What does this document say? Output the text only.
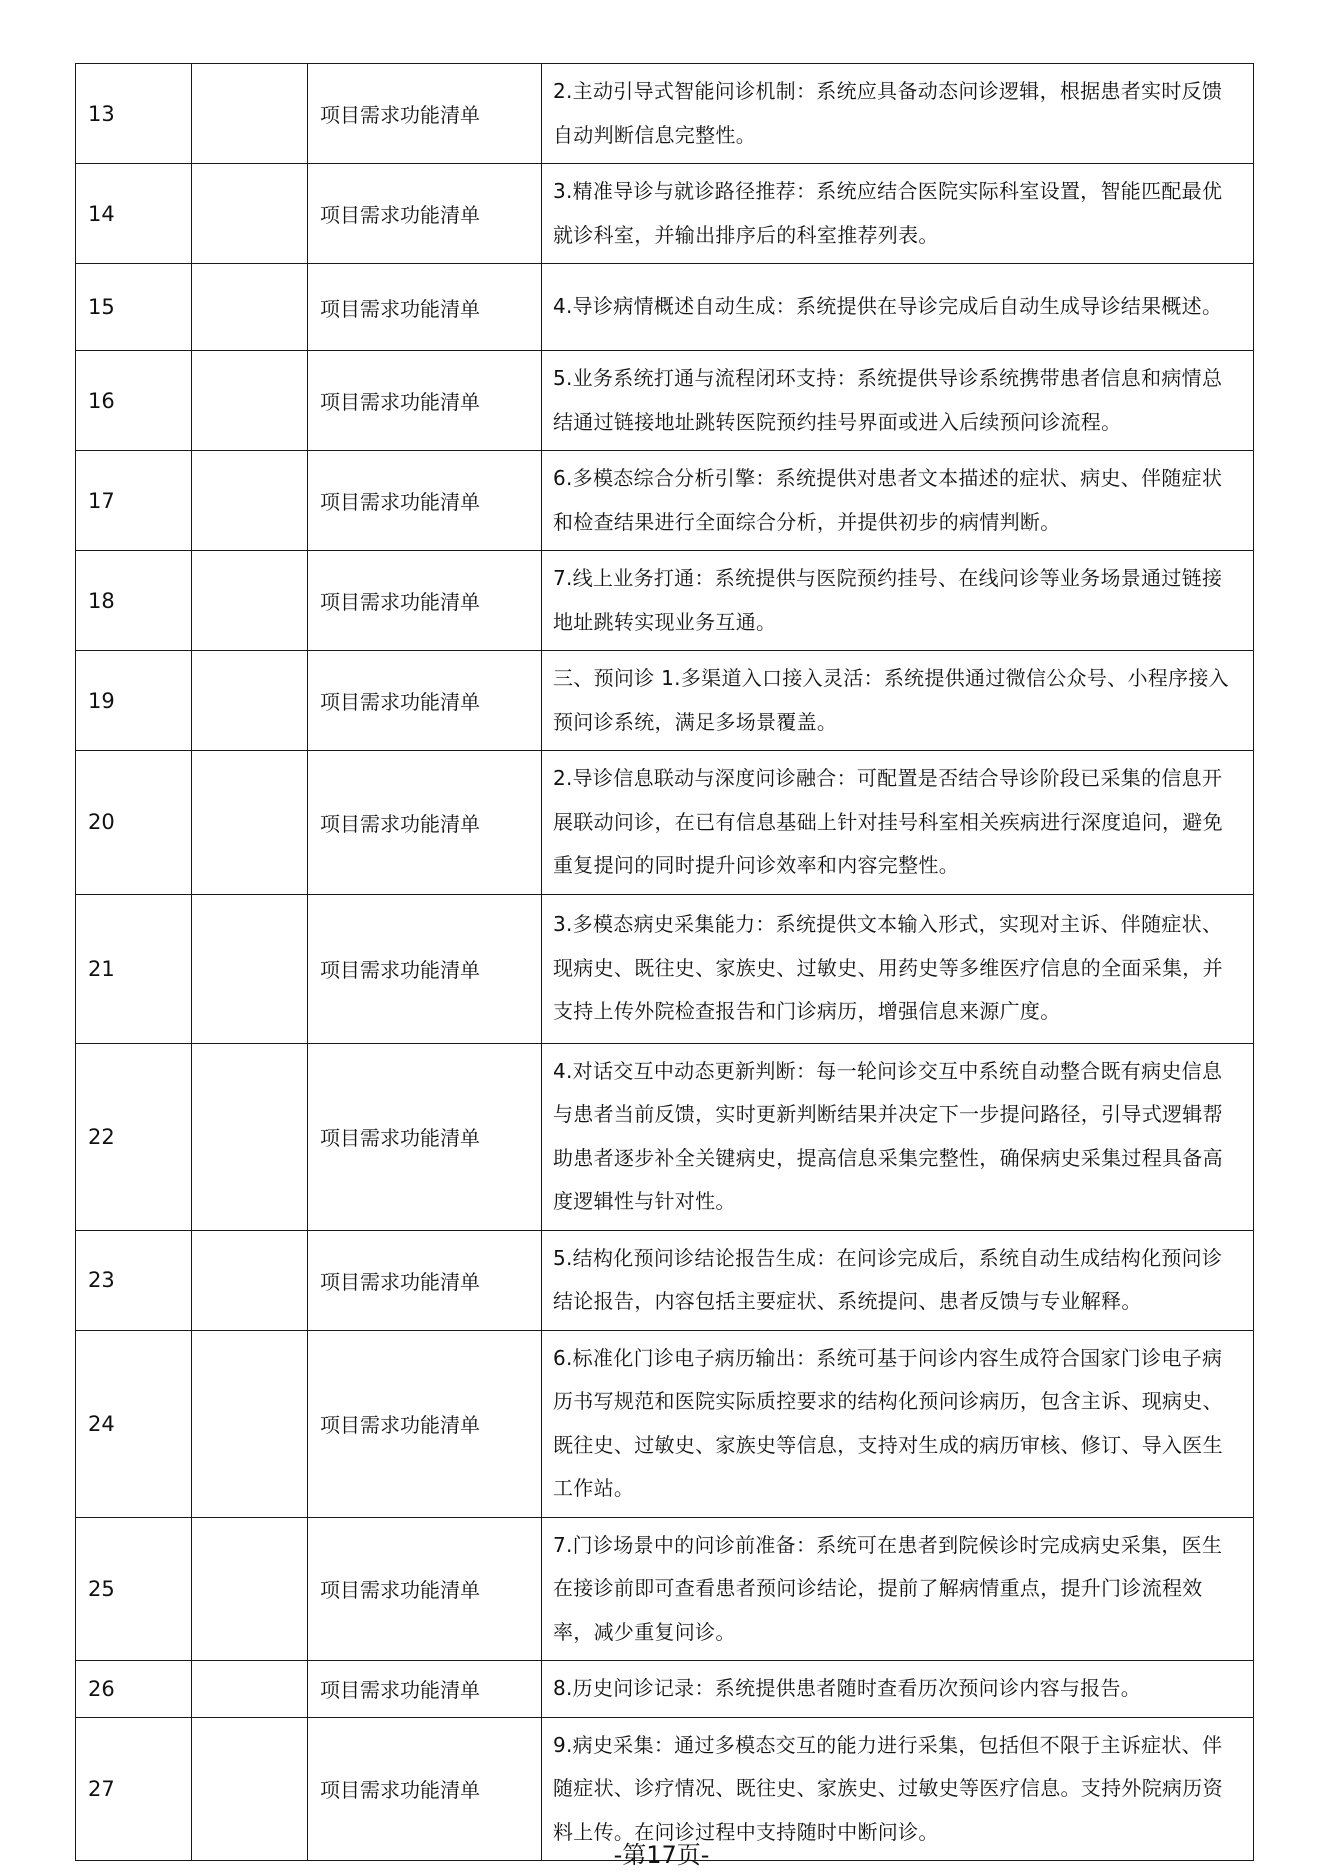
13		项目需求功能清单	2.主动引导式智能问诊机制：系统应具备动态问诊逻辑，根据患者实时反馈自动判断信息完整性。
14		项目需求功能清单	3.精准导诊与就诊路径推荐：系统应结合医院实际科室设置，智能匹配最优就诊科室，并输出排序后的科室推荐列表。
15		项目需求功能清单	4.导诊病情概述自动生成：系统提供在导诊完成后自动生成导诊结果概述。
16		项目需求功能清单	5.业务系统打通与流程闭环支持：系统提供导诊系统携带患者信息和病情总结通过链接地址跳转医院预约挂号界面或进入后续预问诊流程。
17		项目需求功能清单	6.多模态综合分析引擎：系统提供对患者文本描述的症状、病史、伴随症状和检查结果进行全面综合分析，并提供初步的病情判断。
18		项目需求功能清单	7.线上业务打通：系统提供与医院预约挂号、在线问诊等业务场景通过链接地址跳转实现业务互通。
19		项目需求功能清单	三、预问诊 1.多渠道入口接入灵活：系统提供通过微信公众号、小程序接入预问诊系统，满足多场景覆盖。
20		项目需求功能清单	2.导诊信息联动与深度问诊融合：可配置是否结合导诊阶段已采集的信息开展联动问诊，在已有信息基础上针对挂号科室相关疾病进行深度追问，避免重复提问的同时提升问诊效率和内容完整性。
21		项目需求功能清单	3.多模态病史采集能力：系统提供文本输入形式，实现对主诉、伴随症状、现病史、既往史、家族史、过敏史、用药史等多维医疗信息的全面采集，并支持上传外院检查报告和门诊病历，增强信息来源广度。
22		项目需求功能清单	4.对话交互中动态更新判断：每一轮问诊交互中系统自动整合既有病史信息与患者当前反馈，实时更新判断结果并决定下一步提问路径，引导式逻辑帮助患者逐步补全关键病史，提高信息采集完整性，确保病史采集过程具备高度逻辑性与针对性。
23		项目需求功能清单	5.结构化预问诊结论报告生成：在问诊完成后，系统自动生成结构化预问诊结论报告，内容包括主要症状、系统提问、患者反馈与专业解释。
24		项目需求功能清单	6.标准化门诊电子病历输出：系统可基于问诊内容生成符合国家门诊电子病历书写规范和医院实际质控要求的结构化预问诊病历，包含主诉、现病史、既往史、过敏史、家族史等信息，支持对生成的病历审核、修订、导入医生工作站。
25		项目需求功能清单	7.门诊场景中的问诊前准备：系统可在患者到院候诊时完成病史采集，医生在接诊前即可查看患者预问诊结论，提前了解病情重点，提升门诊流程效率，减少重复问诊。
26		项目需求功能清单	8.历史问诊记录：系统提供患者随时查看历次预问诊内容与报告。
27		项目需求功能清单	9.病史采集：通过多模态交互的能力进行采集，包括但不限于主诉症状、伴随症状、诊疗情况、既往史、家族史、过敏史等医疗信息。支持外院病历资料上传。在问诊过程中支持随时中断问诊。
-第17页-
